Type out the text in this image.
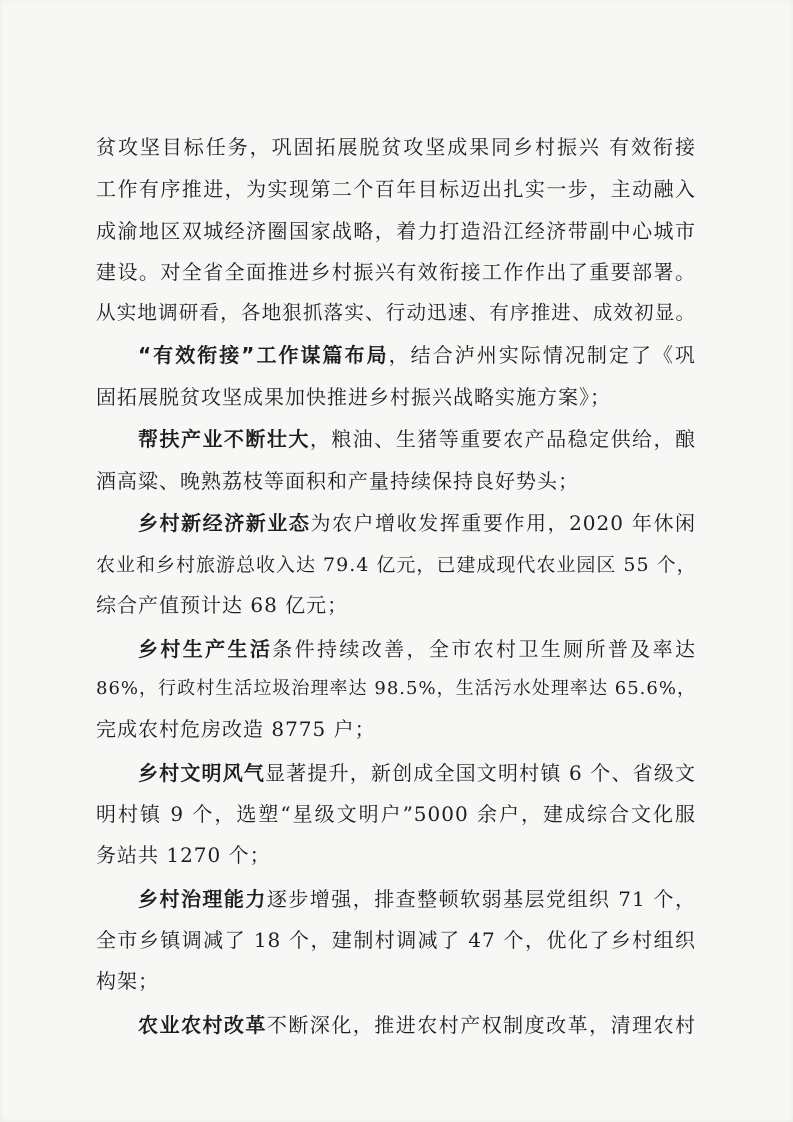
贫攻坚目标任务，巩固拓展脱贫攻坚成果同乡村振兴 有效衔接
工作有序推进，为实现第二个百年目标迈出扎实一步，主动融入
成渝地区双城经济圈国家战略，着力打造沿江经济带副中心城市
建设。对全省全面推进乡村振兴有效衔接工作作出了重要部署。
从实地调研看，各地狠抓落实、行动迅速、有序推进、成效初显。
“有效衔接”工作谋篇布局，结合泸州实际情况制定了《巩
固拓展脱贫攻坚成果加快推进乡村振兴战略实施方案》；
帮扶产业不断壮大，粮油、生猪等重要农产品稳定供给，酿
酒高粱、晚熟荔枝等面积和产量持续保持良好势头；
乡村新经济新业态为农户增收发挥重要作用，2020 年休闲
农业和乡村旅游总收入达 79.4 亿元，已建成现代农业园区 55 个，
综合产值预计达 68 亿元；
乡村生产生活条件持续改善，全市农村卫生厕所普及率达
86%，行政村生活垃圾治理率达 98.5%，生活污水处理率达 65.6%，
完成农村危房改造 8775 户；
乡村文明风气显著提升，新创成全国文明村镇 6 个、省级文
明村镇 9 个，选塑“星级文明户”5000 余户，建成综合文化服
务站共 1270 个；
乡村治理能力逐步增强，排查整顿软弱基层党组织 71 个，
全市乡镇调减了 18 个，建制村调减了 47 个，优化了乡村组织
构架；
农业农村改革不断深化，推进农村产权制度改革，清理农村
